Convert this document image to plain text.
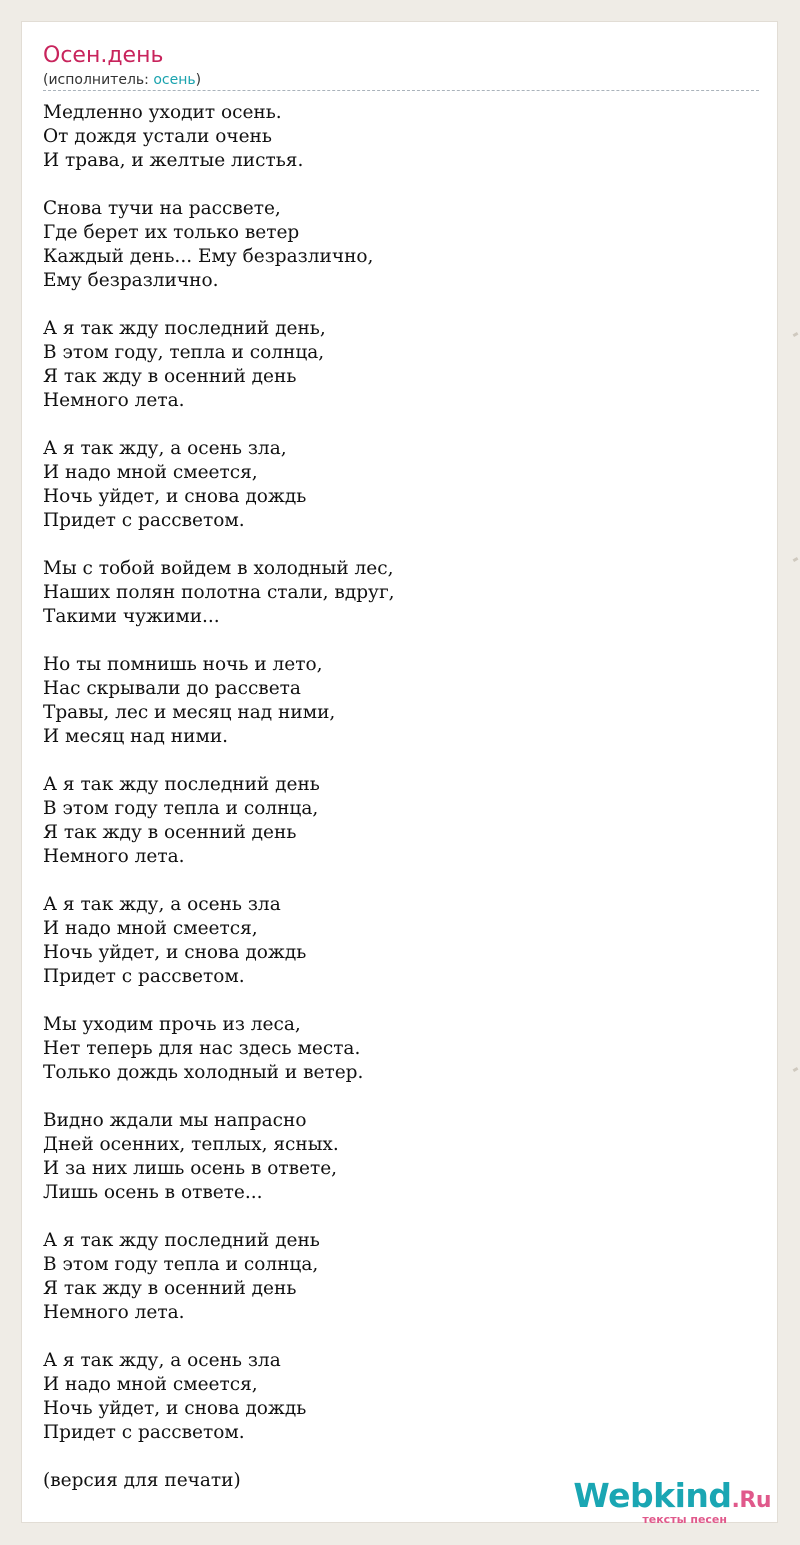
Осен.день
(исполнитель: осень)
Медленно уходит осень.
От дождя устали очень
И трава, и желтые листья.
Снова тучи на рассвете,
Где берет их только ветер
Каждый день... Ему безразлично,
Ему безразлично.
А я так жду последний день,
В этом году, тепла и солнца,
Я так жду в осенний день
Немного лета.
А я так жду, а осень зла,
И надо мной смеется,
Ночь уйдет, и снова дождь
Придет с рассветом.
Мы с тобой войдем в холодный лес,
Наших полян полотна стали, вдруг,
Такими чужими...
Но ты помнишь ночь и лето,
Нас скрывали до рассвета
Травы, лес и месяц над ними,
И месяц над ними.
А я так жду последний день
В этом году тепла и солнца,
Я так жду в осенний день
Немного лета.
А я так жду, а осень зла
И надо мной смеется,
Ночь уйдет, и снова дождь
Придет с рассветом.
Мы уходим прочь из леса,
Нет теперь для нас здесь места.
Только дождь холодный и ветер.
Видно ждали мы напрасно
Дней осенних, теплых, ясных.
И за них лишь осень в ответе,
Лишь осень в ответе...
А я так жду последний день
В этом году тепла и солнца,
Я так жду в осенний день
Немного лета.
А я так жду, а осень зла
И надо мной смеется,
Ночь уйдет, и снова дождь
Придет с рассветом.
(версия для печати)	Webkind.Ru
тексты песен
